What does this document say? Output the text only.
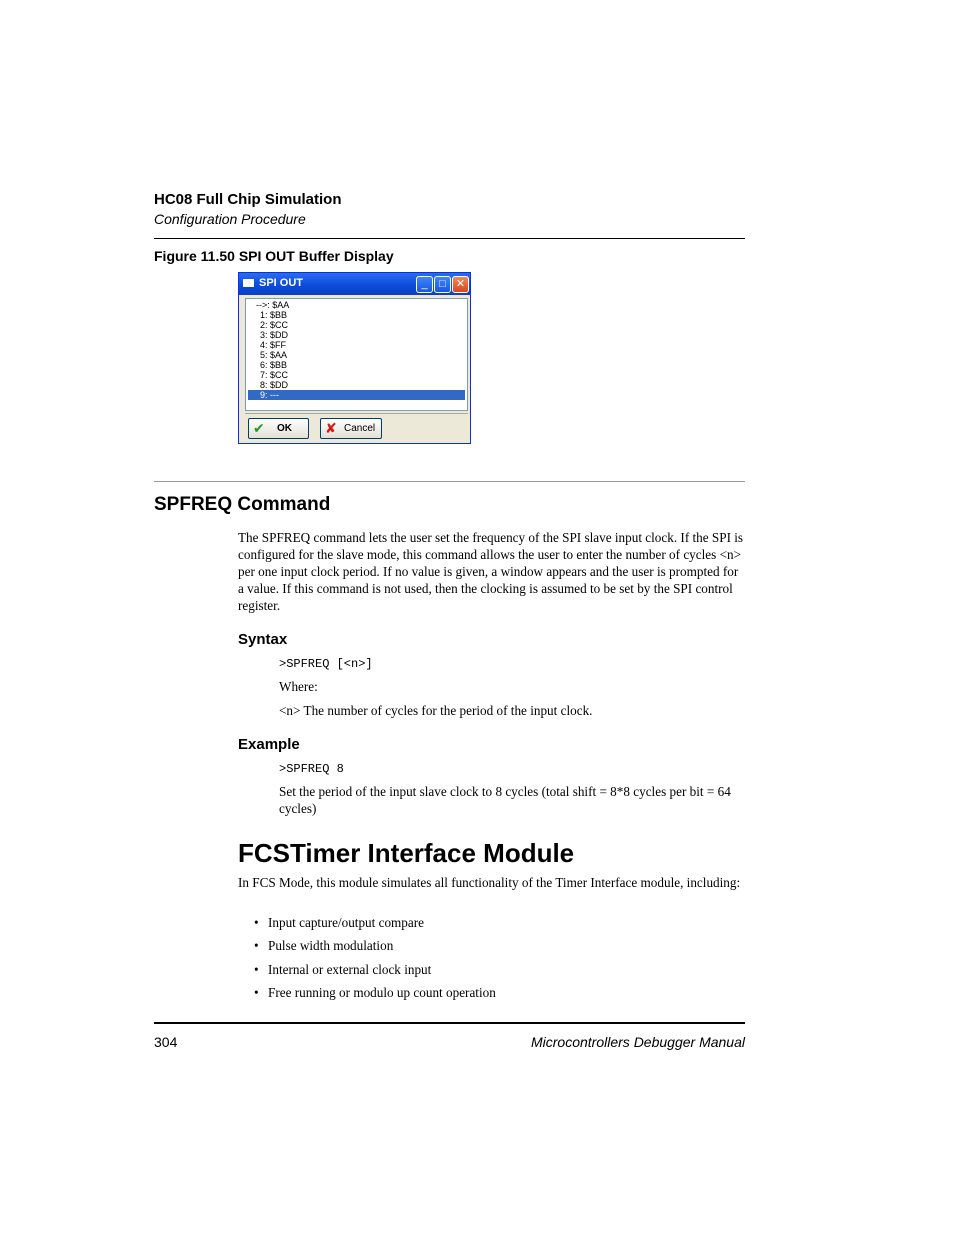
HC08 Full Chip Simulation
Configuration Procedure
Figure 11.50 SPI OUT Buffer Display
SPI OUT	_	□ ✕
-->: $AA
1: $BB
2: $CC
3: $DD
4: $FF
5: $AA
6: $BB
7: $CC
8: $DD
9: ---
✔ OK ✘ Cancel
SPFREQ Command
The SPFREQ command lets the user set the frequency of the SPI slave input clock. If the SPI is configured for the slave mode, this command allows the user to enter the number of cycles <n> per one input clock period. If no value is given, a window appears and the user is prompted for a value. If this command is not used, then the clocking is assumed to be set by the SPI control register.
Syntax
>SPFREQ [<n>]
Where:
<n> The number of cycles for the period of the input clock.
Example
>SPFREQ 8
Set the period of the input slave clock to 8 cycles (total shift = 8*8 cycles per bit = 64 cycles)
FCSTimer Interface Module
In FCS Mode, this module simulates all functionality of the Timer Interface module, including:
• Input capture/output compare
• Pulse width modulation
• Internal or external clock input
• Free running or modulo up count operation
304	Microcontrollers Debugger Manual
